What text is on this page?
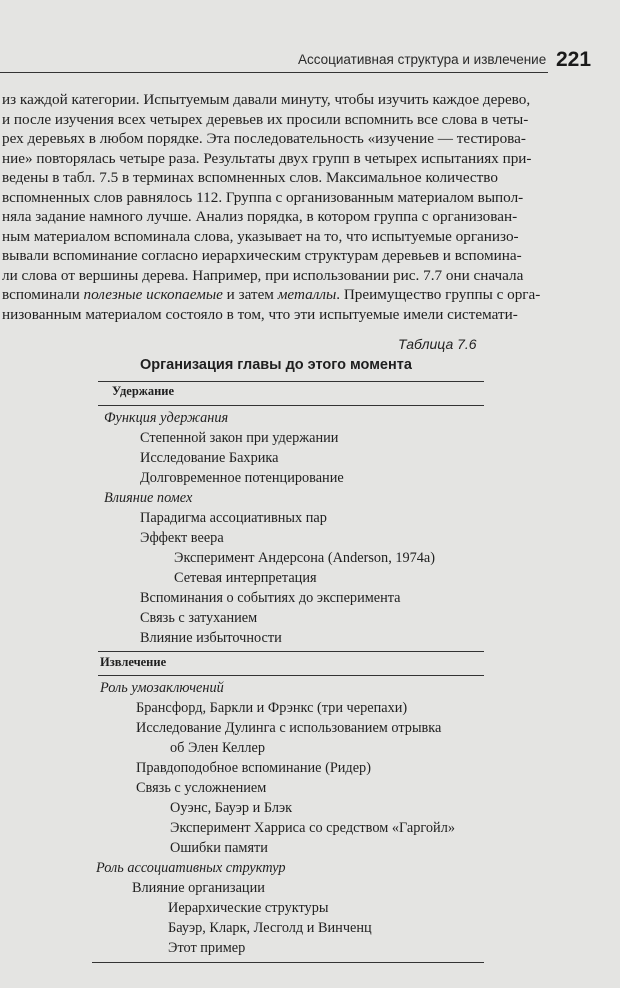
Ассоциативная структура и извлечение 221
из каждой категории. Испытуемым давали минуту, чтобы изучить каждое дерево,
и после изучения всех четырех деревьев их просили вспомнить все слова в четы-
рех деревьях в любом порядке. Эта последовательность «изучение — тестирова-
ние» повторялась четыре раза. Результаты двух групп в четырех испытаниях при-
ведены в табл. 7.5 в терминах вспомненных слов. Максимальное количество
вспомненных слов равнялось 112. Группа с организованным материалом выпол-
няла задание намного лучше. Анализ порядка, в котором группа с организован-
ным материалом вспоминала слова, указывает на то, что испытуемые организо-
вывали вспоминание согласно иерархическим структурам деревьев и вспомина-
ли слова от вершины дерева. Например, при использовании рис. 7.7 они сначала
вспоминали полезные ископаемые и затем металлы. Преимущество группы с орга-
низованным материалом состояло в том, что эти испытуемые имели системати-
Таблица 7.6
Организация главы до этого момента
Удержание
Функция удержания
Степенной закон при удержании
Исследование Бахрика
Долговременное потенцирование
Влияние помех
Парадигма ассоциативных пар
Эффект веера
Эксперимент Андерсона (Anderson, 1974a)
Сетевая интерпретация
Вспоминания о событиях до эксперимента
Связь с затуханием
Влияние избыточности
Извлечение
Роль умозаключений
Брансфорд, Баркли и Фрэнкс (три черепахи)
Исследование Дулинга с использованием отрывка
об Элен Келлер
Правдоподобное вспоминание (Ридер)
Связь с усложнением
Оуэнс, Бауэр и Блэк
Эксперимент Харриса со средством «Гаргойл»
Ошибки памяти
Роль ассоциативных структур
Влияние организации
Иерархические структуры
Бауэр, Кларк, Лесголд и Винченц
Этот пример
